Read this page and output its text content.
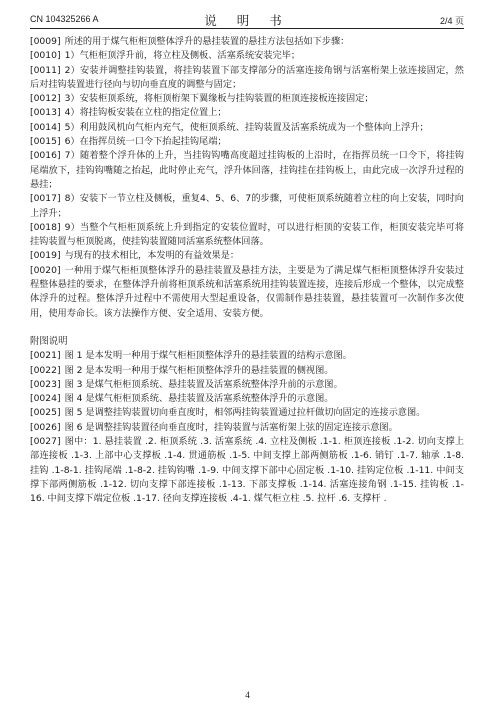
CN 104325266 A	说 明 书	2/4 页

[0009] 所述的用于煤气柜柜顶整体浮升的悬挂装置的悬挂方法包括如下步骤：

[0010] 1）气柜柜顶浮升前，将立柱及侧板、活塞系统安装完毕；

[0011] 2）安装并调整挂钩装置，将挂钩装置下部支撑部分的活塞连接角钢与活塞桁架上弦连接固定，然后对挂钩装置进行径向与切向垂直度的调整与固定；

[0012] 3）安装柜顶系统，将柜顶桁架下翼缘板与挂钩装置的柜顶连接板连接固定；

[0013] 4）将挂钩板安装在立柱的指定位置上；

[0014] 5）利用鼓风机向气柜内充气，使柜顶系统、挂钩装置及活塞系统成为一个整体向上浮升；

[0015] 6）在指挥员统一口令下抬起挂钩尾端；

[0016] 7）随着整个浮升体的上升，当挂钩钩嘴高度超过挂钩板的上沿时，在指挥员统一口令下，将挂钩尾端放下，挂钩钩嘴随之抬起，此时停止充气，浮升体回落，挂钩挂在挂钩板上，由此完成一次浮升过程的悬挂；

[0017] 8）安装下一节立柱及侧板，重复4、5、6、7的步骤，可使柜顶系统随着立柱的向上安装，同时向上浮升；

[0018] 9）当整个气柜柜顶系统上升到指定的安装位置时，可以进行柜顶的安装工作，柜顶安装完毕可将挂钩装置与柜顶脱离，使挂钩装置随同活塞系统整体回落。

[0019] 与现有的技术相比，本发明的有益效果是：

[0020] 一种用于煤气柜柜顶整体浮升的悬挂装置及悬挂方法，主要是为了满足煤气柜柜顶整体浮升安装过程整体悬挂的要求，在整体浮升前将柜顶系统和活塞系统用挂钩装置连接，连接后形成一个整体，以完成整体浮升的过程。整体浮升过程中不需使用大型起重设备，仅需制作悬挂装置，悬挂装置可一次制作多次使用，使用寿命长。该方法操作方便、安全适用、安装方便。

附图说明

[0021] 图 1 是本发明一种用于煤气柜柜顶整体浮升的悬挂装置的结构示意图。

[0022] 图 2 是本发明一种用于煤气柜柜顶整体浮升的悬挂装置的侧视图。

[0023] 图 3 是煤气柜柜顶系统、悬挂装置及活塞系统整体浮升前的示意图。

[0024] 图 4 是煤气柜柜顶系统、悬挂装置及活塞系统整体浮升的示意图。

[0025] 图 5 是调整挂钩装置切向垂直度时，相邻两挂钩装置通过拉杆做切向固定的连接示意图。

[0026] 图 6 是调整挂钩装置径向垂直度时，挂钩装置与活塞桁架上弦的固定连接示意图。

[0027] 图中：1. 悬挂装置 .2. 柜顶系统 .3. 活塞系统 .4. 立柱及侧板 .1-1. 柜顶连接板 .1-2. 切向支撑上部连接板 .1-3. 上部中心支撑板 .1-4. 贯通筋板 .1-5. 中间支撑上部两侧筋板 .1-6. 销钉 .1-7. 轴承 .1-8. 挂钩 .1-8-1. 挂钩尾端 .1-8-2. 挂钩钩嘴 .1-9. 中间支撑下部中心固定板 .1-10. 挂钩定位板 .1-11. 中间支撑下部两侧筋板 .1-12. 切向支撑下部连接板 .1-13. 下部支撑板 .1-14. 活塞连接角钢 .1-15. 挂钩板 .1-16. 中间支撑下端定位板 .1-17. 径向支撑连接板 .4-1. 煤气柜立柱 .5. 拉杆 .6. 支撑杆 .

4
